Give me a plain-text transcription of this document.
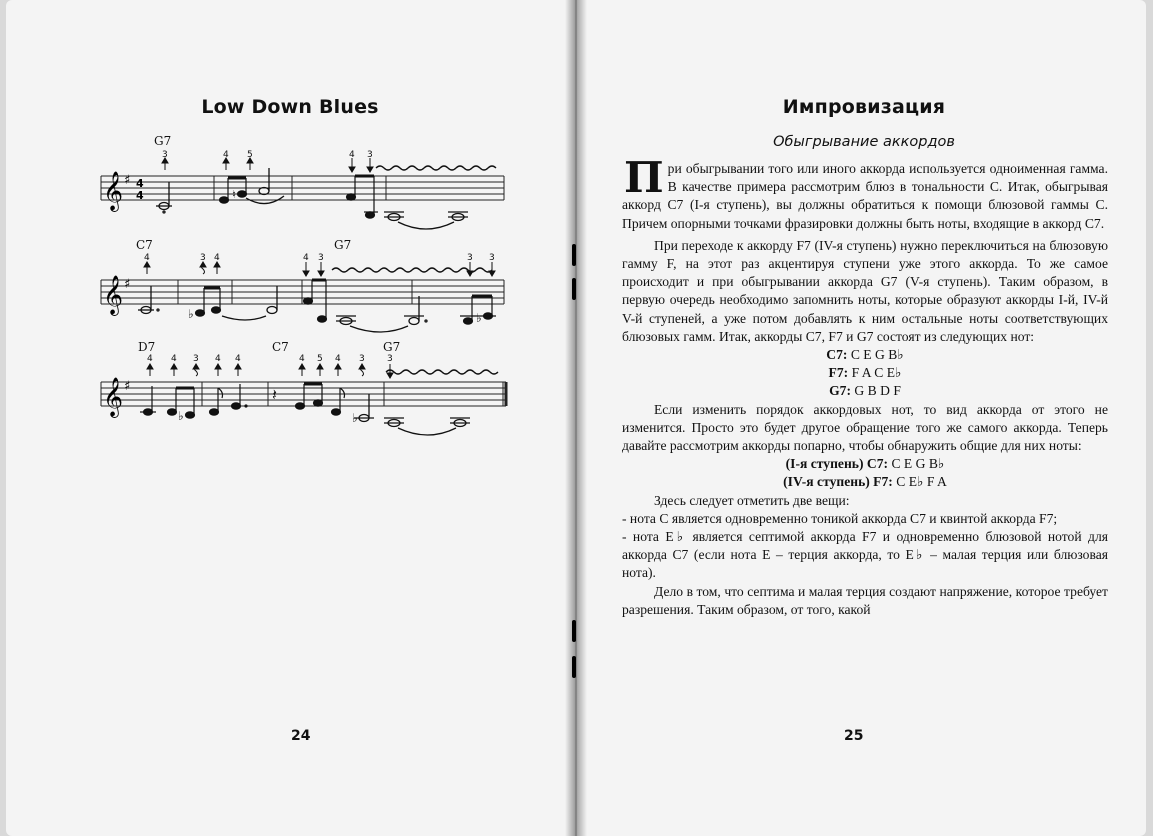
Low Down Blues
G7
3	4 5	4 3
𝄞 ♯ 4
4	♮
C7	G7
4	3 4	4 3	3 3
𝄞 ♯
♭	♭
D7	C7	G7
4 4 3 4 4	4 5 4 3 3
𝄞 ♯
♭
𝄽
♭
24
Импровизация
Обыгрывание аккордов

При обыгрывании того или иного аккорда используется одноименная гамма. В качестве примера рассмотрим блюз в тональности С. Итак, обыгрывая аккорд С7 (I-я ступень), вы должны обратиться к помощи блюзовой гаммы С. Причем опорными точками фразировки должны быть ноты, входящие в аккорд С7.

При переходе к аккорду F7 (IV-я ступень) нужно переключиться на блюзовую гамму F, на этот раз акцентируя ступени уже этого аккорда. То же самое происходит и при обыгрывании аккорда G7 (V-я ступень). Таким образом, в первую очередь необходимо запомнить ноты, которые образуют аккорды I-й, IV-й V-й ступеней, а уже потом добавлять к ним остальные ноты соответствующих блюзовых гамм. Итак, аккорды С7, F7 и G7 состоят из следующих нот:

C7: C E G B♭

F7: F A C E♭

G7: G B D F

Если изменить порядок аккордовых нот, то вид аккорда от этого не изменится. Просто это будет другое обращение того же самого аккорда. Теперь давайте рассмотрим аккорды попарно, чтобы обнаружить общие для них ноты:

(I-я ступень) C7: C E G B♭

(IV-я ступень) F7: C E♭ F A

Здесь следует отметить две вещи:

- нота С является одновременно тоникой аккорда С7 и квинтой аккорда F7;

- нота E♭ является септимой аккорда F7 и одновременно блюзовой нотой для аккорда С7 (если нота Е – терция аккорда, то E♭ – малая терция или блюзовая нота).

Дело в том, что септима и малая терция создают напряжение, которое требует разрешения. Таким образом, от того, какой

25
